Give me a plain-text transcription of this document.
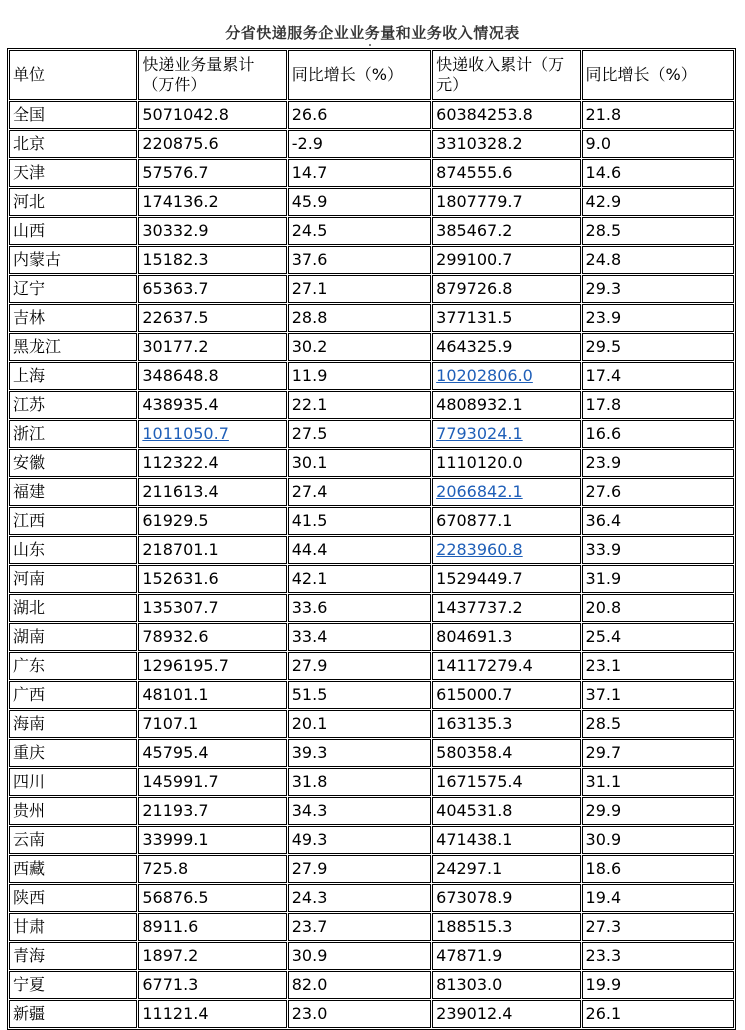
分省快递服务企业业务量和业务收入情况表
单位	快递业务量累计（万件）	同比增长（%）	快递收入累计（万元）	同比增长（%）
全国	5071042.8	26.6	60384253.8	21.8
北京	220875.6	-2.9	3310328.2	9.0
天津	57576.7	14.7	874555.6	14.6
河北	174136.2	45.9	1807779.7	42.9
山西	30332.9	24.5	385467.2	28.5
内蒙古	15182.3	37.6	299100.7	24.8
辽宁	65363.7	27.1	879726.8	29.3
吉林	22637.5	28.8	377131.5	23.9
黑龙江	30177.2	30.2	464325.9	29.5
上海	348648.8	11.9	10202806.0	17.4
江苏	438935.4	22.1	4808932.1	17.8
浙江	1011050.7	27.5	7793024.1	16.6
安徽	112322.4	30.1	1110120.0	23.9
福建	211613.4	27.4	2066842.1	27.6
江西	61929.5	41.5	670877.1	36.4
山东	218701.1	44.4	2283960.8	33.9
河南	152631.6	42.1	1529449.7	31.9
湖北	135307.7	33.6	1437737.2	20.8
湖南	78932.6	33.4	804691.3	25.4
广东	1296195.7	27.9	14117279.4	23.1
广西	48101.1	51.5	615000.7	37.1
海南	7107.1	20.1	163135.3	28.5
重庆	45795.4	39.3	580358.4	29.7
四川	145991.7	31.8	1671575.4	31.1
贵州	21193.7	34.3	404531.8	29.9
云南	33999.1	49.3	471438.1	30.9
西藏	725.8	27.9	24297.1	18.6
陕西	56876.5	24.3	673078.9	19.4
甘肃	8911.6	23.7	188515.3	27.3
青海	1897.2	30.9	47871.9	23.3
宁夏	6771.3	82.0	81303.0	19.9
新疆	11121.4	23.0	239012.4	26.1
